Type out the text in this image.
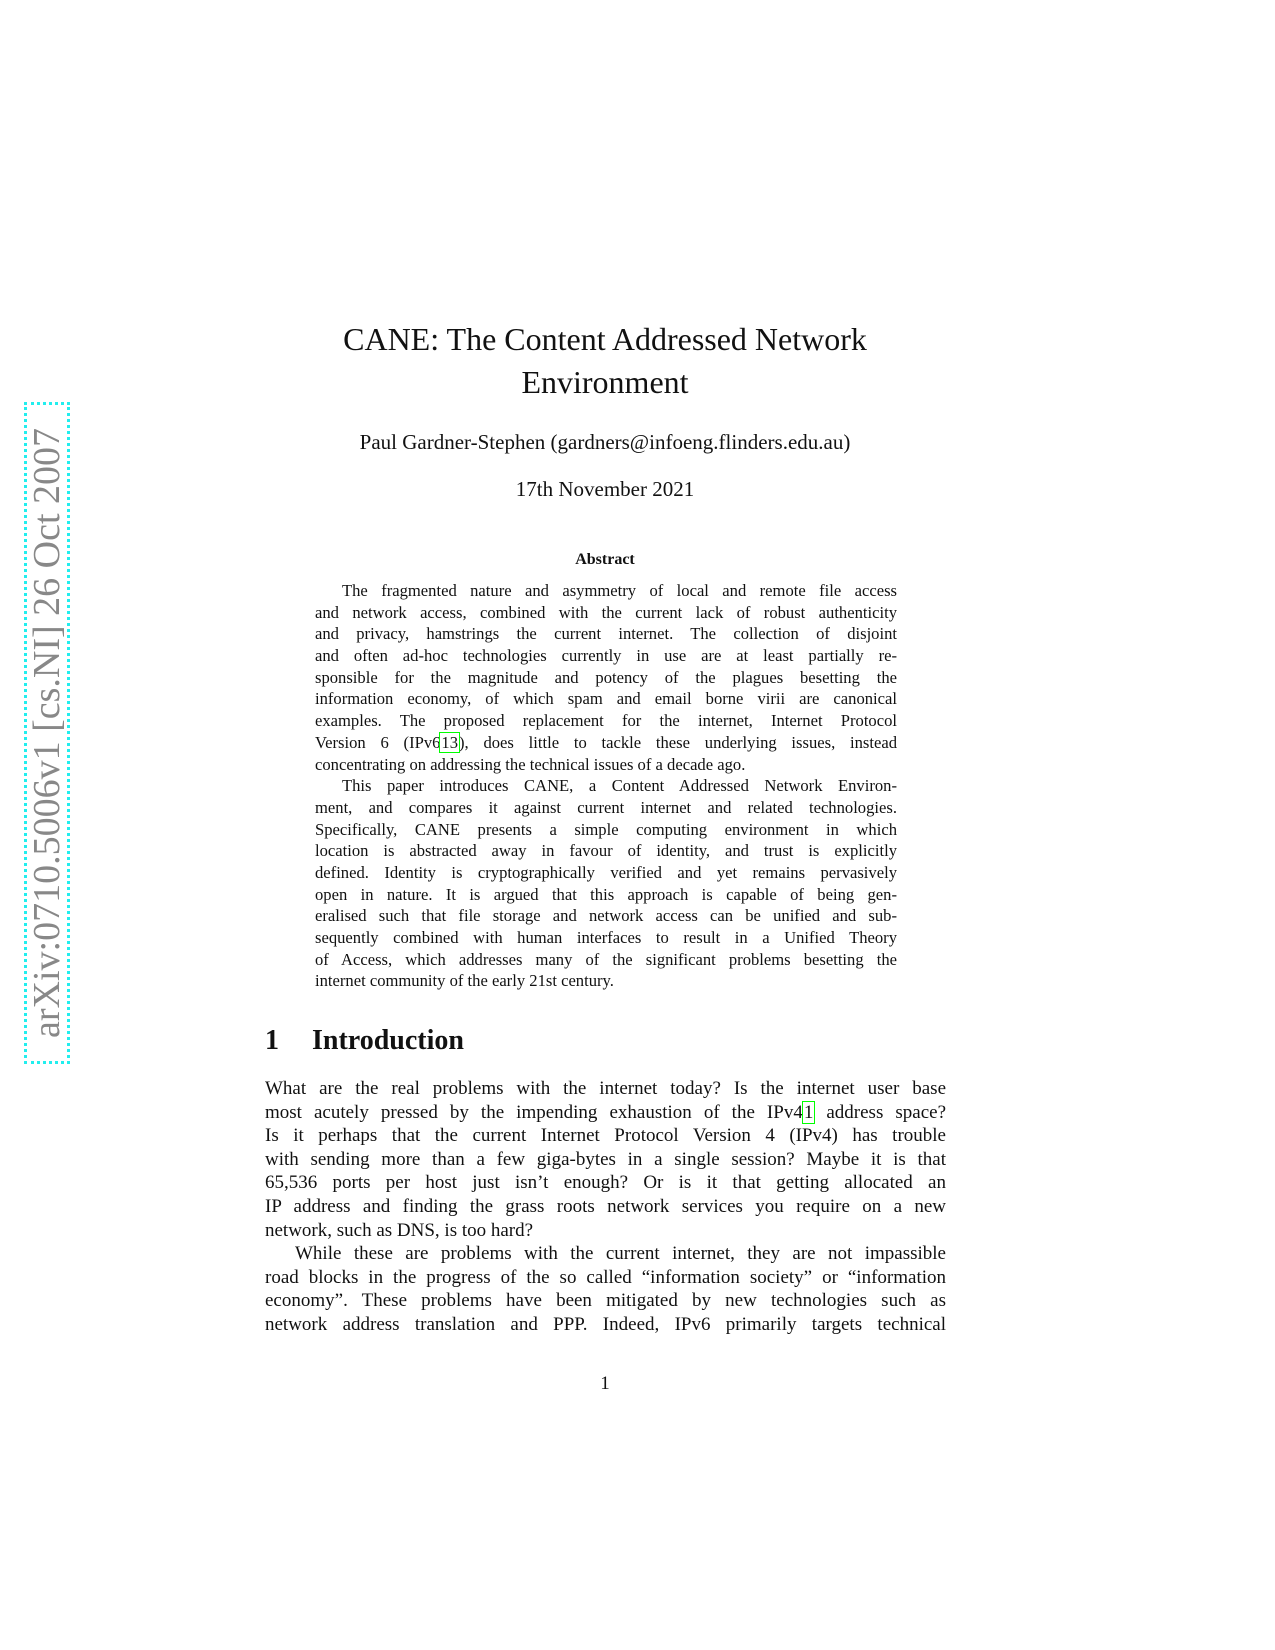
arXiv:0710.5006v1 [cs.NI] 26 Oct 2007
CANE: The Content Addressed Network
Environment
Paul Gardner-Stephen (gardners@infoeng.flinders.edu.au)
17th November 2021
Abstract
The fragmented nature and asymmetry of local and remote file access
and network access, combined with the current lack of robust authenticity
and privacy, hamstrings the current internet. The collection of disjoint
and often ad-hoc technologies currently in use are at least partially re-
sponsible for the magnitude and potency of the plagues besetting the
information economy, of which spam and email borne virii are canonical
examples. The proposed replacement for the internet, Internet Protocol
Version 6 (IPv613), does little to tackle these underlying issues, instead
concentrating on addressing the technical issues of a decade ago.
This paper introduces CANE, a Content Addressed Network Environ-
ment, and compares it against current internet and related technologies.
Specifically, CANE presents a simple computing environment in which
location is abstracted away in favour of identity, and trust is explicitly
defined. Identity is cryptographically verified and yet remains pervasively
open in nature. It is argued that this approach is capable of being gen-
eralised such that file storage and network access can be unified and sub-
sequently combined with human interfaces to result in a Unified Theory
of Access, which addresses many of the significant problems besetting the
internet community of the early 21st century.
1 Introduction
What are the real problems with the internet today? Is the internet user base
most acutely pressed by the impending exhaustion of the IPv41 address space?
Is it perhaps that the current Internet Protocol Version 4 (IPv4) has trouble
with sending more than a few giga-bytes in a single session? Maybe it is that
65,536 ports per host just isn’t enough? Or is it that getting allocated an
IP address and finding the grass roots network services you require on a new
network, such as DNS, is too hard?
While these are problems with the current internet, they are not impassible
road blocks in the progress of the so called “information society” or “information
economy”. These problems have been mitigated by new technologies such as
network address translation and PPP. Indeed, IPv6 primarily targets technical
1
